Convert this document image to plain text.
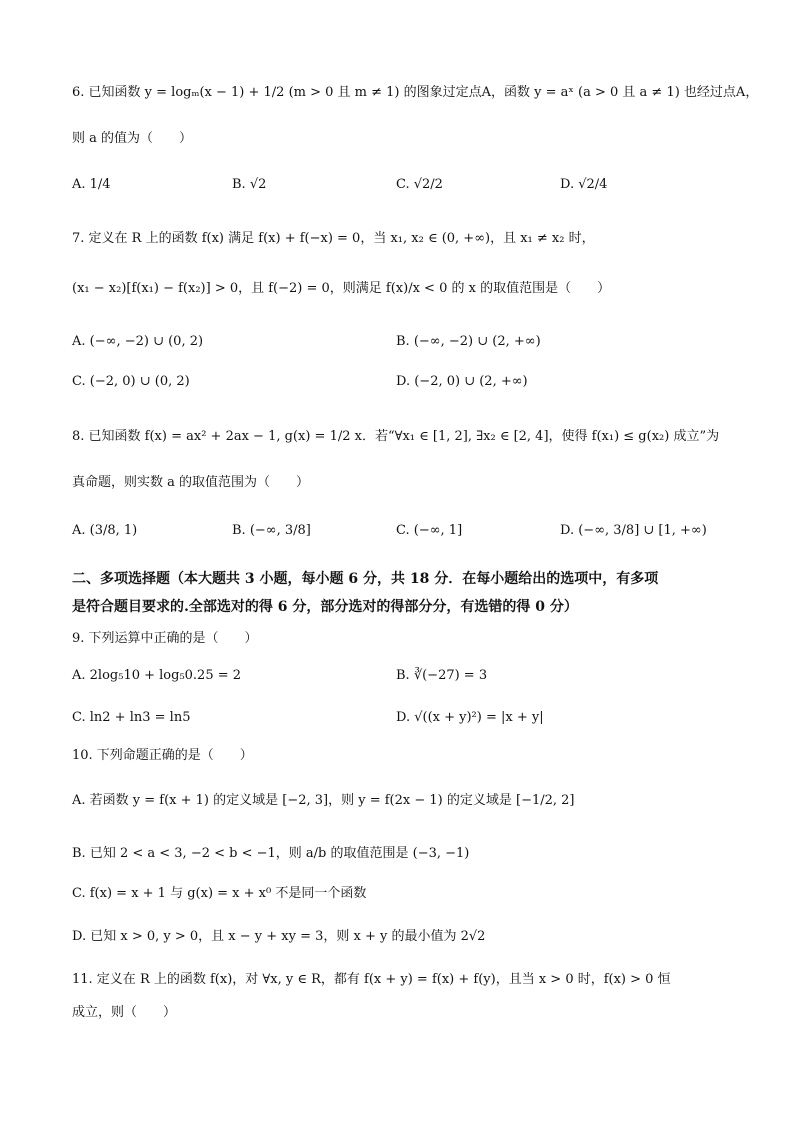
6. 已知函数 y = logₘ(x − 1) + 1/2 (m > 0 且 m ≠ 1) 的图象过定点A，函数 y = aˣ (a > 0 且 a ≠ 1) 也经过点A，
则 a 的值为（　　）
A. 1/4	B. √2	C. √2/2	D. √2/4
7. 定义在 R 上的函数 f(x) 满足 f(x) + f(−x) = 0，当 x₁, x₂ ∈ (0, +∞)，且 x₁ ≠ x₂ 时，
(x₁ − x₂)[f(x₁) − f(x₂)] > 0，且 f(−2) = 0，则满足 f(x)/x < 0 的 x 的取值范围是（　　）
A. (−∞, −2) ∪ (0, 2)	B. (−∞, −2) ∪ (2, +∞)
C. (−2, 0) ∪ (0, 2)	D. (−2, 0) ∪ (2, +∞)
8. 已知函数 f(x) = ax² + 2ax − 1, g(x) = 1/2 x．若“∀x₁ ∈ [1, 2], ∃x₂ ∈ [2, 4]，使得 f(x₁) ≤ g(x₂) 成立”为
真命题，则实数 a 的取值范围为（　　）
A. (3/8, 1)	B. (−∞, 3/8]	C. (−∞, 1]	D. (−∞, 3/8] ∪ [1, +∞)
二、多项选择题（本大题共 3 小题，每小题 6 分，共 18 分．在每小题给出的选项中，有多项
是符合题目要求的.全部选对的得 6 分，部分选对的得部分分，有选错的得 0 分）
9. 下列运算中正确的是（　　）
A. 2log₅10 + log₅0.25 = 2	B. ∛(−27) = 3
C. ln2 + ln3 = ln5	D. √((x + y)²) = |x + y|
10. 下列命题正确的是（　　）
A. 若函数 y = f(x + 1) 的定义域是 [−2, 3]，则 y = f(2x − 1) 的定义域是 [−1/2, 2]
B. 已知 2 < a < 3, −2 < b < −1，则 a/b 的取值范围是 (−3, −1)
C. f(x) = x + 1 与 g(x) = x + x⁰ 不是同一个函数
D. 已知 x > 0, y > 0，且 x − y + xy = 3，则 x + y 的最小值为 2√2
11. 定义在 R 上的函数 f(x)，对 ∀x, y ∈ R，都有 f(x + y) = f(x) + f(y)，且当 x > 0 时，f(x) > 0 恒
成立，则（　　）
